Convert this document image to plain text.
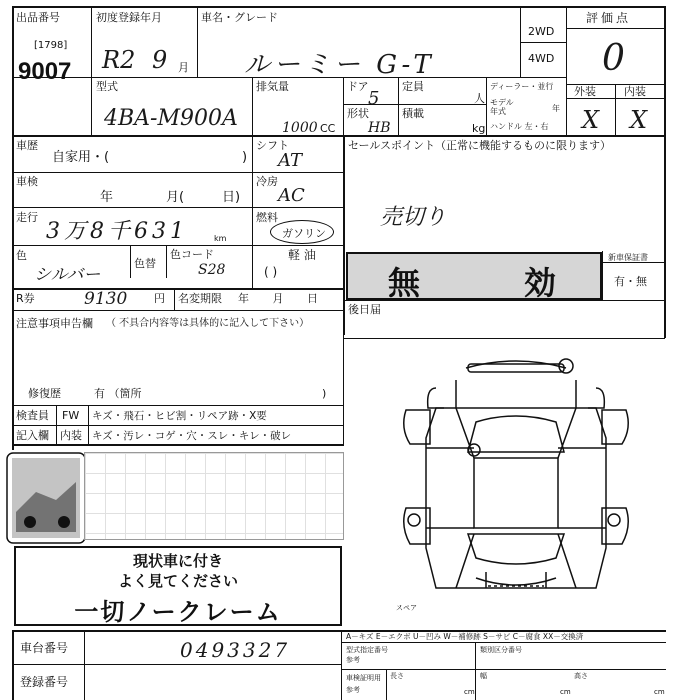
出品番号
[1798]
9007
初度登録年月
R2 9 月
車名・グレード
ルーミー G-T
2WD
4WD
評価点
0
外装	内装
X X
型式
4BA-M900A
排気量
1000 CC
ドア
5
定員
人
形状
HB
積載
kg
ディーラー・並行
モデル 年式	年
ハンドル 左・右
車歴
自家用・(	)
車検
年	月(	日)
走行
3万8千631	km
色
シルバー
色替
色コード
S28
シフト
AT
冷房
AC
燃料
ガソリン
軽 油
( )
R券	9130 円 名変期限 年 月 日
注意事項申告欄 （ 不具合内容等は具体的に記入して下さい）
修復歴	有 （箇所	)
検査員
記入欄
FW キズ・飛石・ヒビ割・リペア跡・X要
内装 キズ・汚レ・コゲ・穴・スレ・キレ・破レ
セールスポイント（正常に機能するものに限ります）
売切り
無	効
新車保証書
有・無
後日届
スペア
現状車に付き
よく見てください
一切ノークレーム
車台番号	0493327
登録番号
A－キズ E－エクボ U－凹み W－補修跡 S－サビ C－腐食 XX－交換済
型式指定番号
参考
類別区分番号
車検証明用
参考
長さ
cm
幅
cm
高さ
cm
